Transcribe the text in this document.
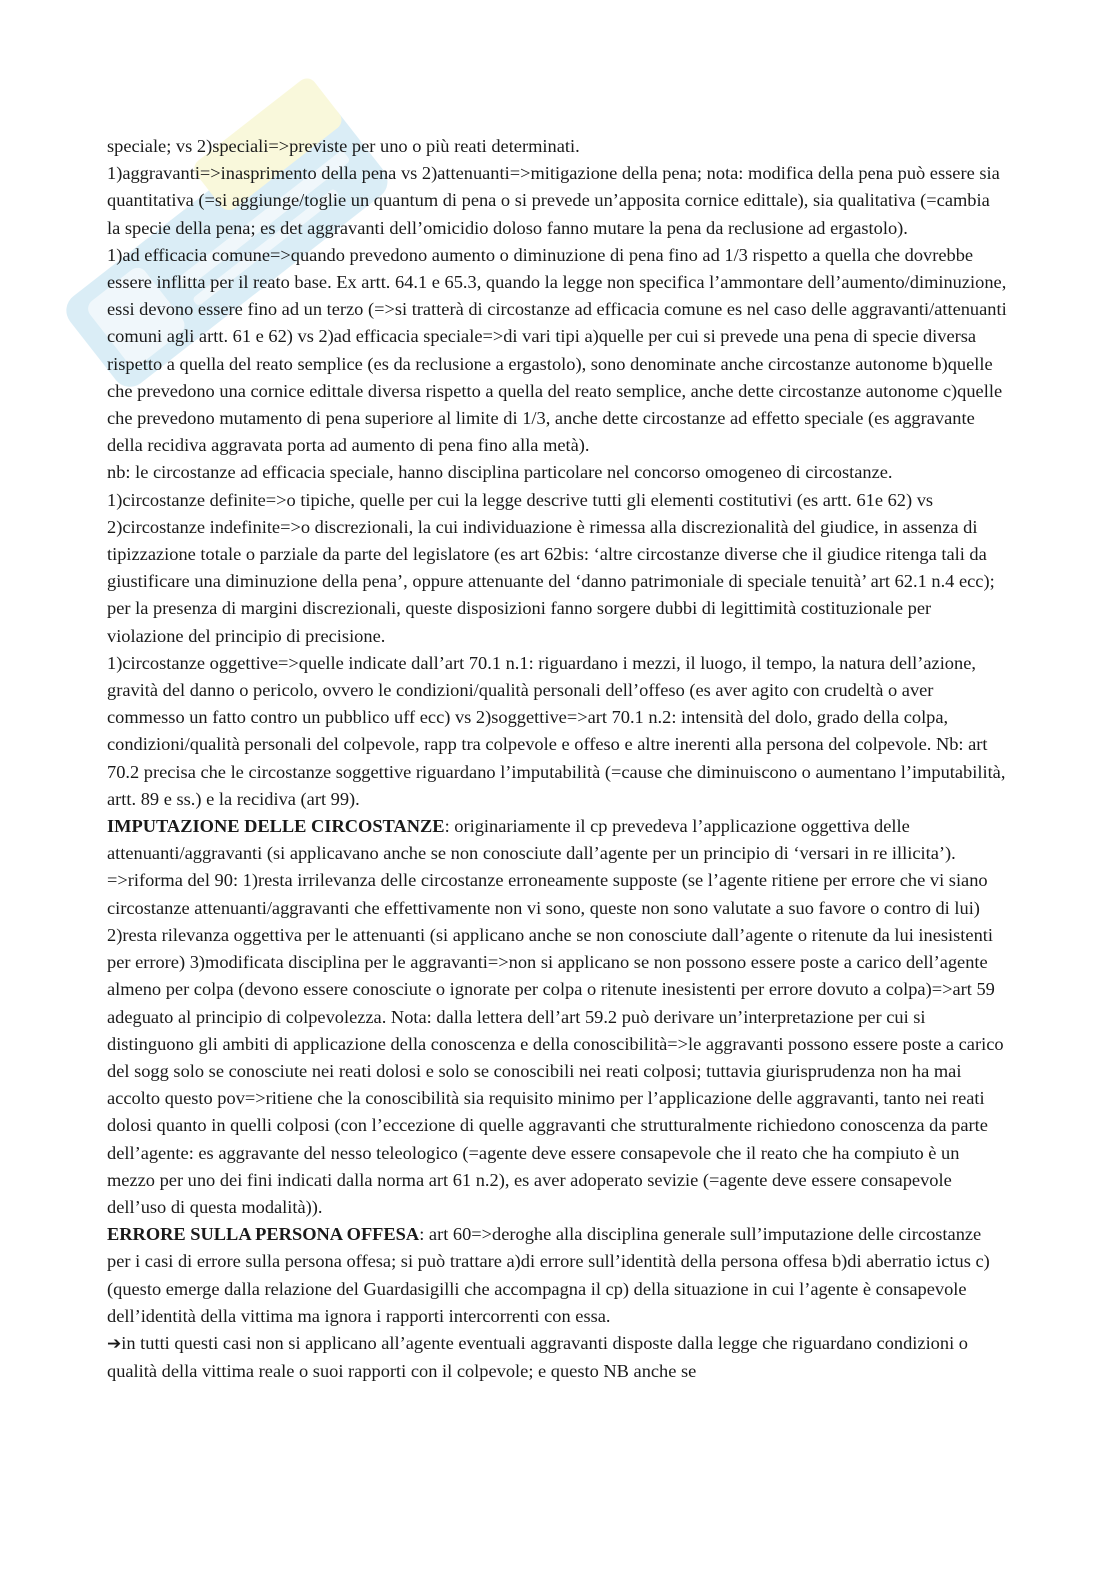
speciale; vs 2)speciali=>previste per uno o più reati determinati.

1)aggravanti=>inasprimento della pena vs 2)attenuanti=>mitigazione della pena; nota: modifica della pena può essere sia quantitativa (=si aggiunge/toglie un quantum di pena o si prevede un’apposita cornice edittale), sia qualitativa (=cambia la specie della pena; es det aggravanti dell’omicidio doloso fanno mutare la pena da reclusione ad ergastolo).

1)ad efficacia comune=>quando prevedono aumento o diminuzione di pena fino ad 1/3 rispetto a quella che dovrebbe essere inflitta per il reato base. Ex artt. 64.1 e 65.3, quando la legge non specifica l’ammontare dell’aumento/diminuzione, essi devono essere fino ad un terzo (=>si tratterà di circostanze ad efficacia comune es nel caso delle aggravanti/attenuanti comuni agli artt. 61 e 62) vs 2)ad efficacia speciale=>di vari tipi a)quelle per cui si prevede una pena di specie diversa rispetto a quella del reato semplice (es da reclusione a ergastolo), sono denominate anche circostanze autonome b)quelle che prevedono una cornice edittale diversa rispetto a quella del reato semplice, anche dette circostanze autonome c)quelle che prevedono mutamento di pena superiore al limite di 1/3, anche dette circostanze ad effetto speciale (es aggravante della recidiva aggravata porta ad aumento di pena fino alla metà).

nb: le circostanze ad efficacia speciale, hanno disciplina particolare nel concorso omogeneo di circostanze.

1)circostanze definite=>o tipiche, quelle per cui la legge descrive tutti gli elementi costitutivi (es artt. 61e 62) vs 2)circostanze indefinite=>o discrezionali, la cui individuazione è rimessa alla discrezionalità del giudice, in assenza di tipizzazione totale o parziale da parte del legislatore (es art 62bis: ‘altre circostanze diverse che il giudice ritenga tali da giustificare una diminuzione della pena’, oppure attenuante del ‘danno patrimoniale di speciale tenuità’ art 62.1 n.4 ecc); per la presenza di margini discrezionali, queste disposizioni fanno sorgere dubbi di legittimità costituzionale per violazione del principio di precisione.

1)circostanze oggettive=>quelle indicate dall’art 70.1 n.1: riguardano i mezzi, il luogo, il tempo, la natura dell’azione, gravità del danno o pericolo, ovvero le condizioni/qualità personali dell’offeso (es aver agito con crudeltà o aver commesso un fatto contro un pubblico uff ecc) vs 2)soggettive=>art 70.1 n.2: intensità del dolo, grado della colpa, condizioni/qualità personali del colpevole, rapp tra colpevole e offeso e altre inerenti alla persona del colpevole. Nb: art 70.2 precisa che le circostanze soggettive riguardano l’imputabilità (=cause che diminuiscono o aumentano l’imputabilità, artt. 89 e ss.) e la recidiva (art 99).

IMPUTAZIONE DELLE CIRCOSTANZE: originariamente il cp prevedeva l’applicazione oggettiva delle attenuanti/aggravanti (si applicavano anche se non conosciute dall’agente per un principio di ‘versari in re illicita’). =>riforma del 90: 1)resta irrilevanza delle circostanze erroneamente supposte (se l’agente ritiene per errore che vi siano circostanze attenuanti/aggravanti che effettivamente non vi sono, queste non sono valutate a suo favore o contro di lui) 2)resta rilevanza oggettiva per le attenuanti (si applicano anche se non conosciute dall’agente o ritenute da lui inesistenti per errore) 3)modificata disciplina per le aggravanti=>non si applicano se non possono essere poste a carico dell’agente almeno per colpa (devono essere conosciute o ignorate per colpa o ritenute inesistenti per errore dovuto a colpa)=>art 59 adeguato al principio di colpevolezza. Nota: dalla lettera dell’art 59.2 può derivare un’interpretazione per cui si distinguono gli ambiti di applicazione della conoscenza e della conoscibilità=>le aggravanti possono essere poste a carico del sogg solo se conosciute nei reati dolosi e solo se conoscibili nei reati colposi; tuttavia giurisprudenza non ha mai accolto questo pov=>ritiene che la conoscibilità sia requisito minimo per l’applicazione delle aggravanti, tanto nei reati dolosi quanto in quelli colposi (con l’eccezione di quelle aggravanti che strutturalmente richiedono conoscenza da parte dell’agente: es aggravante del nesso teleologico (=agente deve essere consapevole che il reato che ha compiuto è un mezzo per uno dei fini indicati dalla norma art 61 n.2), es aver adoperato sevizie (=agente deve essere consapevole dell’uso di questa modalità)).

ERRORE SULLA PERSONA OFFESA: art 60=>deroghe alla disciplina generale sull’imputazione delle circostanze per i casi di errore sulla persona offesa; si può trattare a)di errore sull’identità della persona offesa b)di aberratio ictus c)(questo emerge dalla relazione del Guardasigilli che accompagna il cp) della situazione in cui l’agente è consapevole dell’identità della vittima ma ignora i rapporti intercorrenti con essa.

➔in tutti questi casi non si applicano all’agente eventuali aggravanti disposte dalla legge che riguardano condizioni o qualità della vittima reale o suoi rapporti con il colpevole; e questo NB anche se
